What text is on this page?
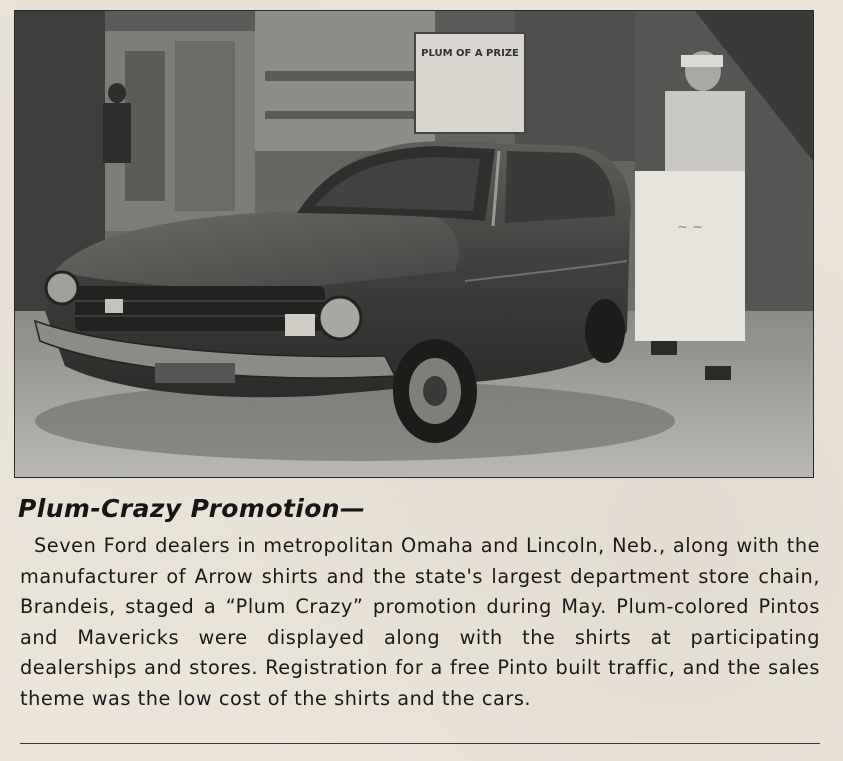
PLUM OF A PRIZE
~ ~
Plum-Crazy Promotion—
Seven Ford dealers in metropolitan Omaha and Lincoln, Neb., along with the manufacturer of Arrow shirts and the state's largest department store chain, Brandeis, staged a “Plum Crazy” promotion during May. Plum-colored Pintos and Mavericks were displayed along with the shirts at participating dealerships and stores. Registration for a free Pinto built traffic, and the sales theme was the low cost of the shirts and the cars.
